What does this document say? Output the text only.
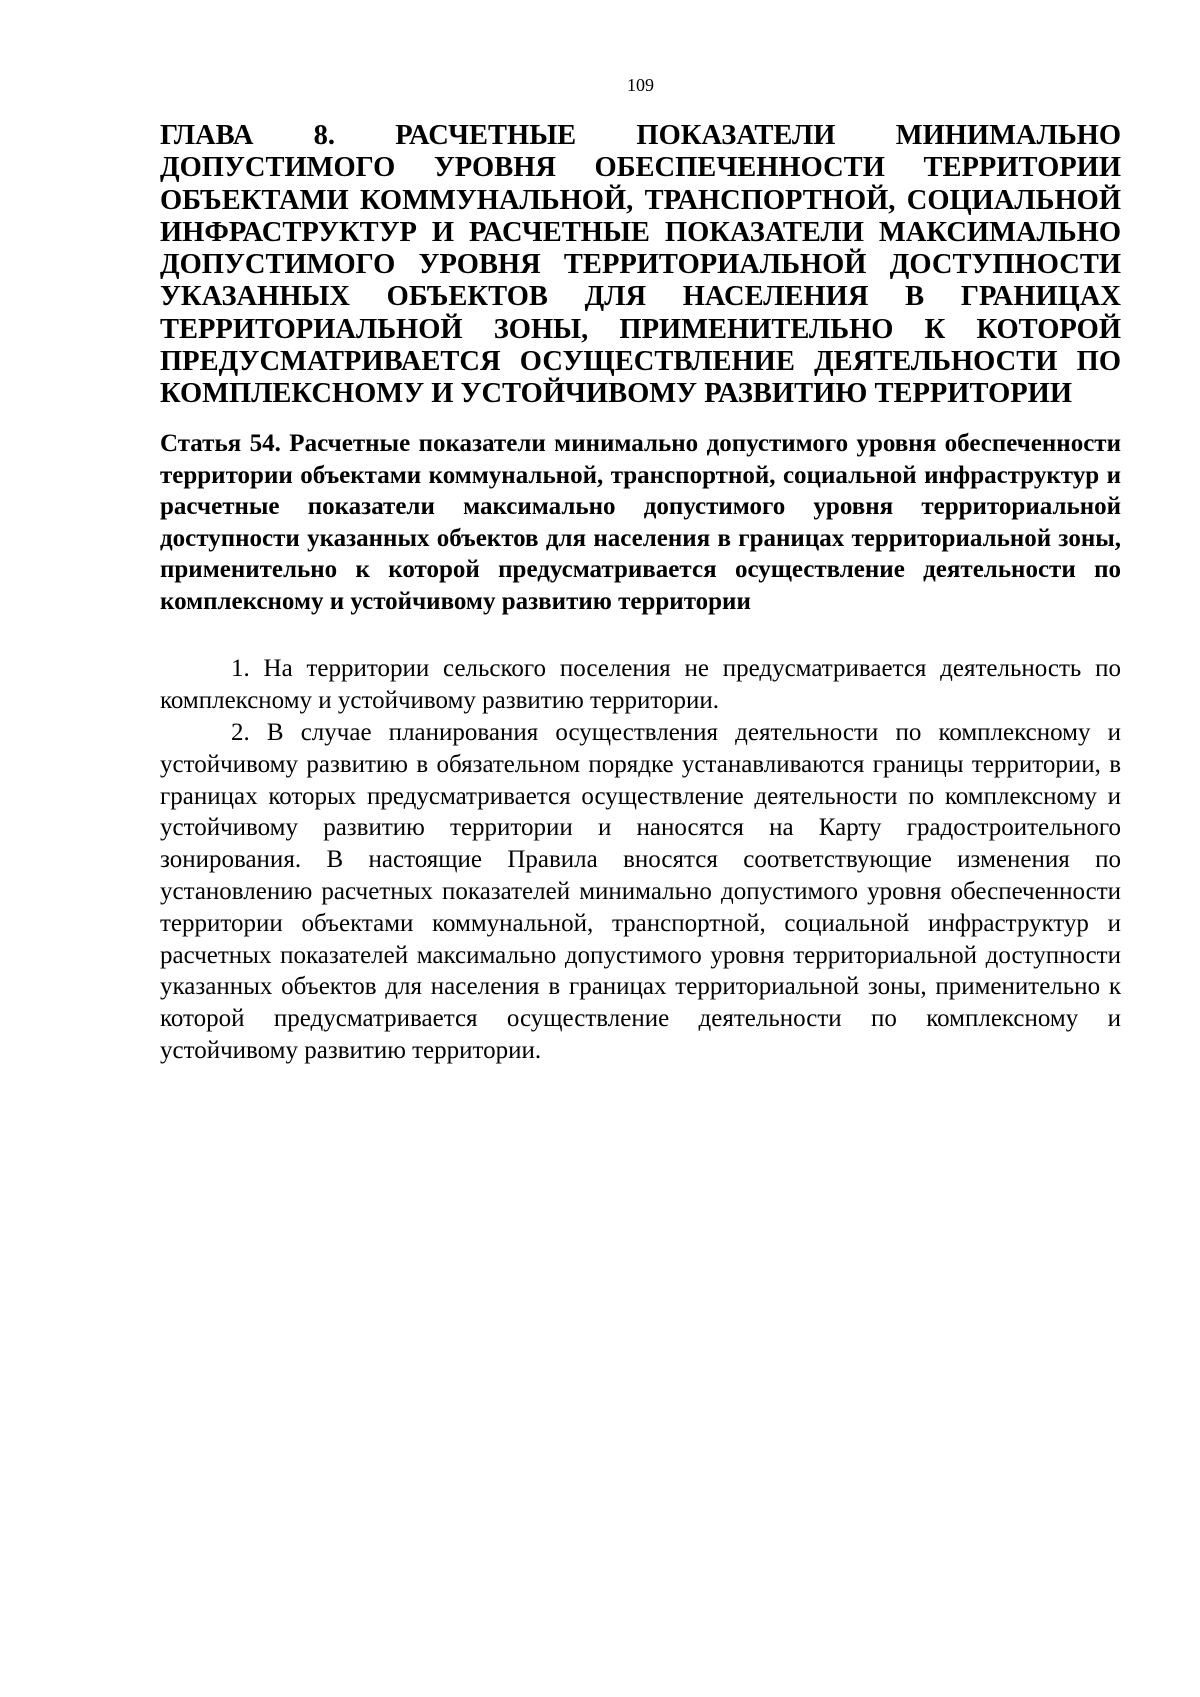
109
ГЛАВА 8. РАСЧЕТНЫЕ ПОКАЗАТЕЛИ МИНИМАЛЬНО ДОПУСТИМОГО УРОВНЯ ОБЕСПЕЧЕННОСТИ ТЕРРИТОРИИ ОБЪЕКТАМИ КОММУНАЛЬНОЙ, ТРАНСПОРТНОЙ, СОЦИАЛЬНОЙ ИНФРАСТРУКТУР И РАСЧЕТНЫЕ ПОКАЗАТЕЛИ МАКСИМАЛЬНО ДОПУСТИМОГО УРОВНЯ ТЕРРИТОРИАЛЬНОЙ ДОСТУПНОСТИ УКАЗАННЫХ ОБЪЕКТОВ ДЛЯ НАСЕЛЕНИЯ В ГРАНИЦАХ ТЕРРИТОРИАЛЬНОЙ ЗОНЫ, ПРИМЕНИТЕЛЬНО К КОТОРОЙ ПРЕДУСМАТРИВАЕТСЯ ОСУЩЕСТВЛЕНИЕ ДЕЯТЕЛЬНОСТИ ПО КОМПЛЕКСНОМУ И УСТОЙЧИВОМУ РАЗВИТИЮ ТЕРРИТОРИИ
Статья 54. Расчетные показатели минимально допустимого уровня обеспеченности территории объектами коммунальной, транспортной, социальной инфраструктур и расчетные показатели максимально допустимого уровня территориальной доступности указанных объектов для населения в границах территориальной зоны, применительно к которой предусматривается осуществление деятельности по комплексному и устойчивому развитию территории

1. На территории сельского поселения не предусматривается деятельность по комплексному и устойчивому развитию территории.

2. В случае планирования осуществления деятельности по комплексному и устойчивому развитию в обязательном порядке устанавливаются границы территории, в границах которых предусматривается осуществление деятельности по комплексному и устойчивому развитию территории и наносятся на Карту градостроительного зонирования. В настоящие Правила вносятся соответствующие изменения по установлению расчетных показателей минимально допустимого уровня обеспеченности территории объектами коммунальной, транспортной, социальной инфраструктур и расчетных показателей максимально допустимого уровня территориальной доступности указанных объектов для населения в границах территориальной зоны, применительно к которой предусматривается осуществление деятельности по комплексному и устойчивому развитию территории.
